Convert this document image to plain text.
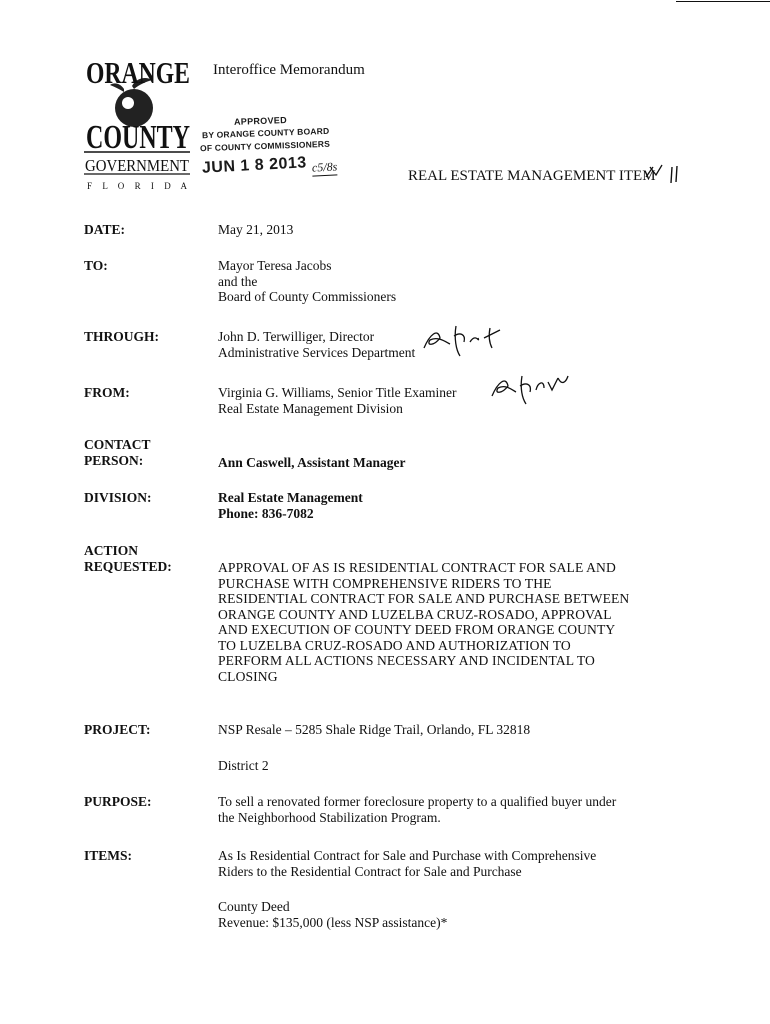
ORANGE
COUNTY
GOVERNMENT
F L O R I D A
Interoffice Memorandum
APPROVED
BY ORANGE COUNTY BOARD
OF COUNTY COMMISSIONERS
JUN 1 8 2013 c5/8s
REAL ESTATE MANAGEMENT ITEM
DATE:	May 21, 2013
TO:	Mayor Teresa Jacobs
and the
Board of County Commissioners
THROUGH:	John D. Terwilliger, Director
Administrative Services Department
FROM:	Virginia G. Williams, Senior Title Examiner
Real Estate Management Division
CONTACT
PERSON:	Ann Caswell, Assistant Manager
DIVISION:	Real Estate Management
Phone: 836-7082
ACTION
REQUESTED:	APPROVAL OF AS IS RESIDENTIAL CONTRACT FOR SALE AND
PURCHASE WITH COMPREHENSIVE RIDERS TO THE
RESIDENTIAL CONTRACT FOR SALE AND PURCHASE BETWEEN
ORANGE COUNTY AND LUZELBA CRUZ-ROSADO, APPROVAL
AND EXECUTION OF COUNTY DEED FROM ORANGE COUNTY
TO LUZELBA CRUZ-ROSADO AND AUTHORIZATION TO
PERFORM ALL ACTIONS NECESSARY AND INCIDENTAL TO
CLOSING
PROJECT:	NSP Resale – 5285 Shale Ridge Trail, Orlando, FL 32818
District 2
PURPOSE:	To sell a renovated former foreclosure property to a qualified buyer under
the Neighborhood Stabilization Program.
ITEMS:	As Is Residential Contract for Sale and Purchase with Comprehensive
Riders to the Residential Contract for Sale and Purchase
County Deed
Revenue: $135,000 (less NSP assistance)*
